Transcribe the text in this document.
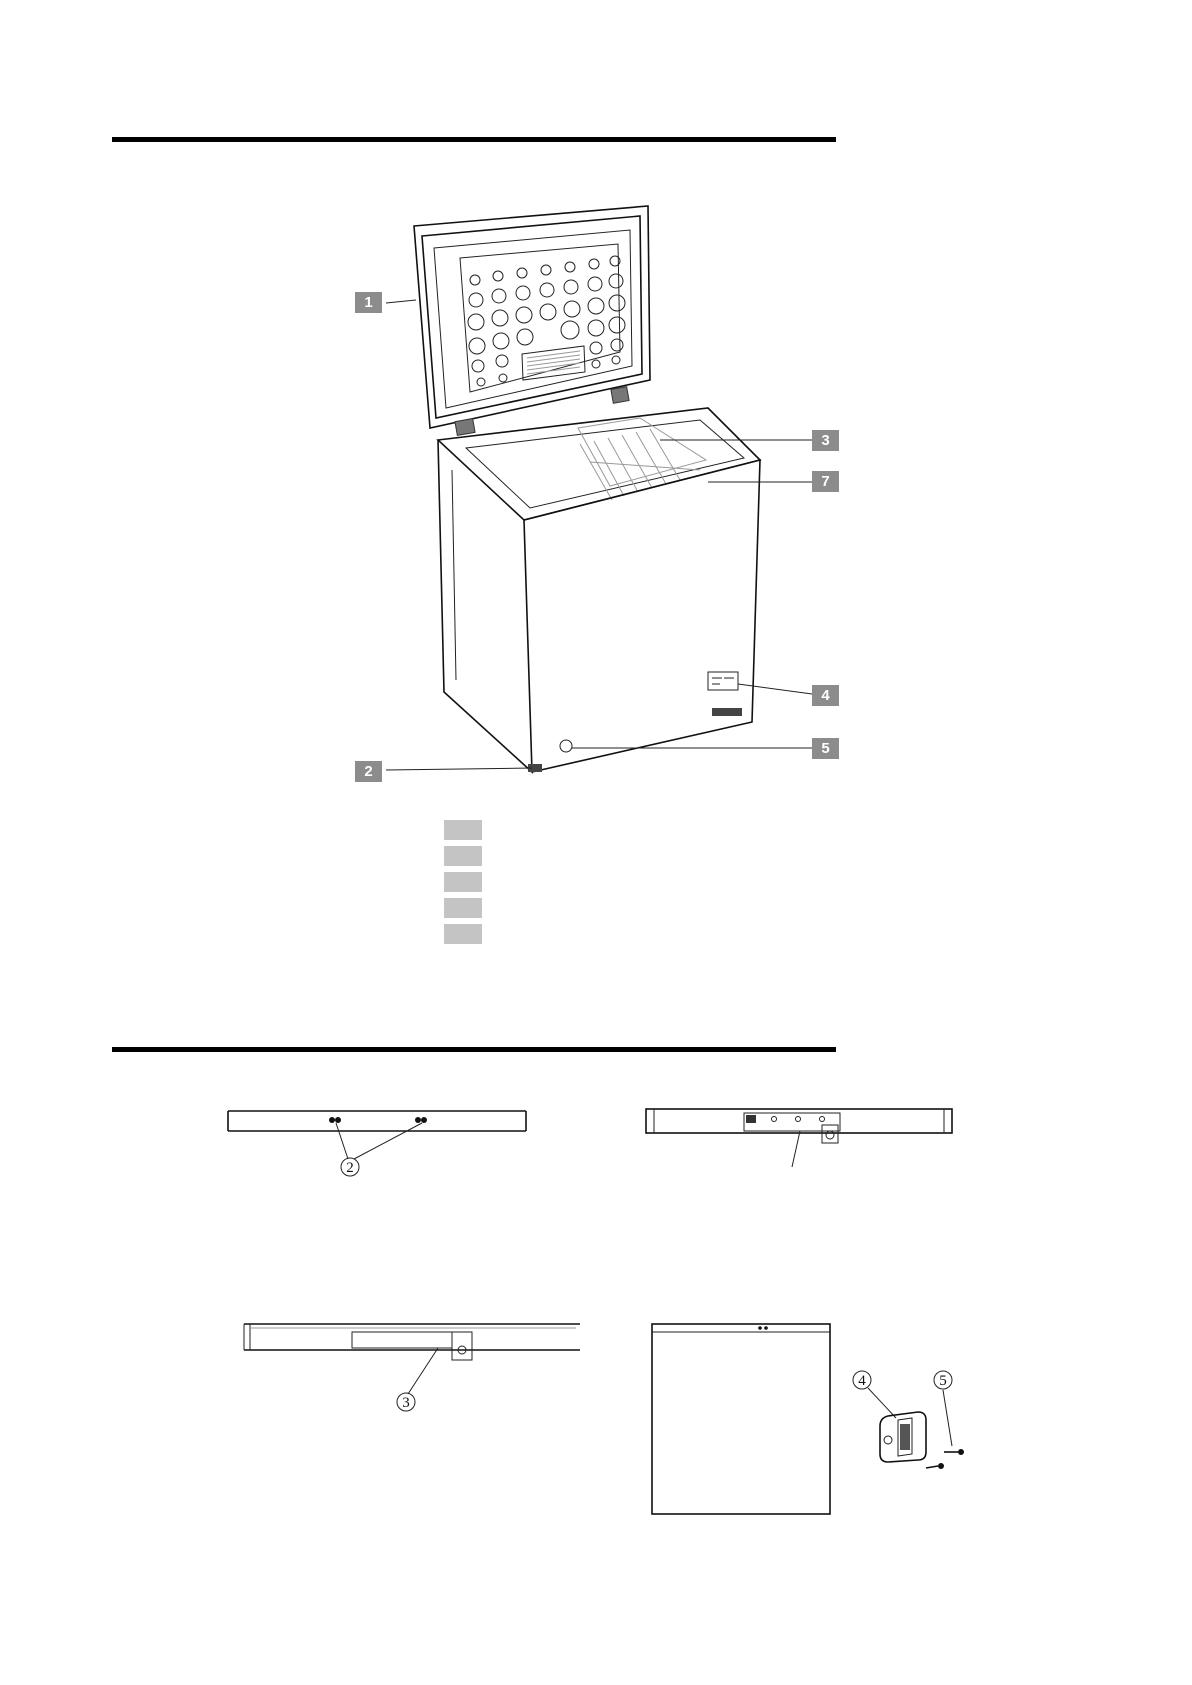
1
2
3
7
4
5
2
3
4	5
